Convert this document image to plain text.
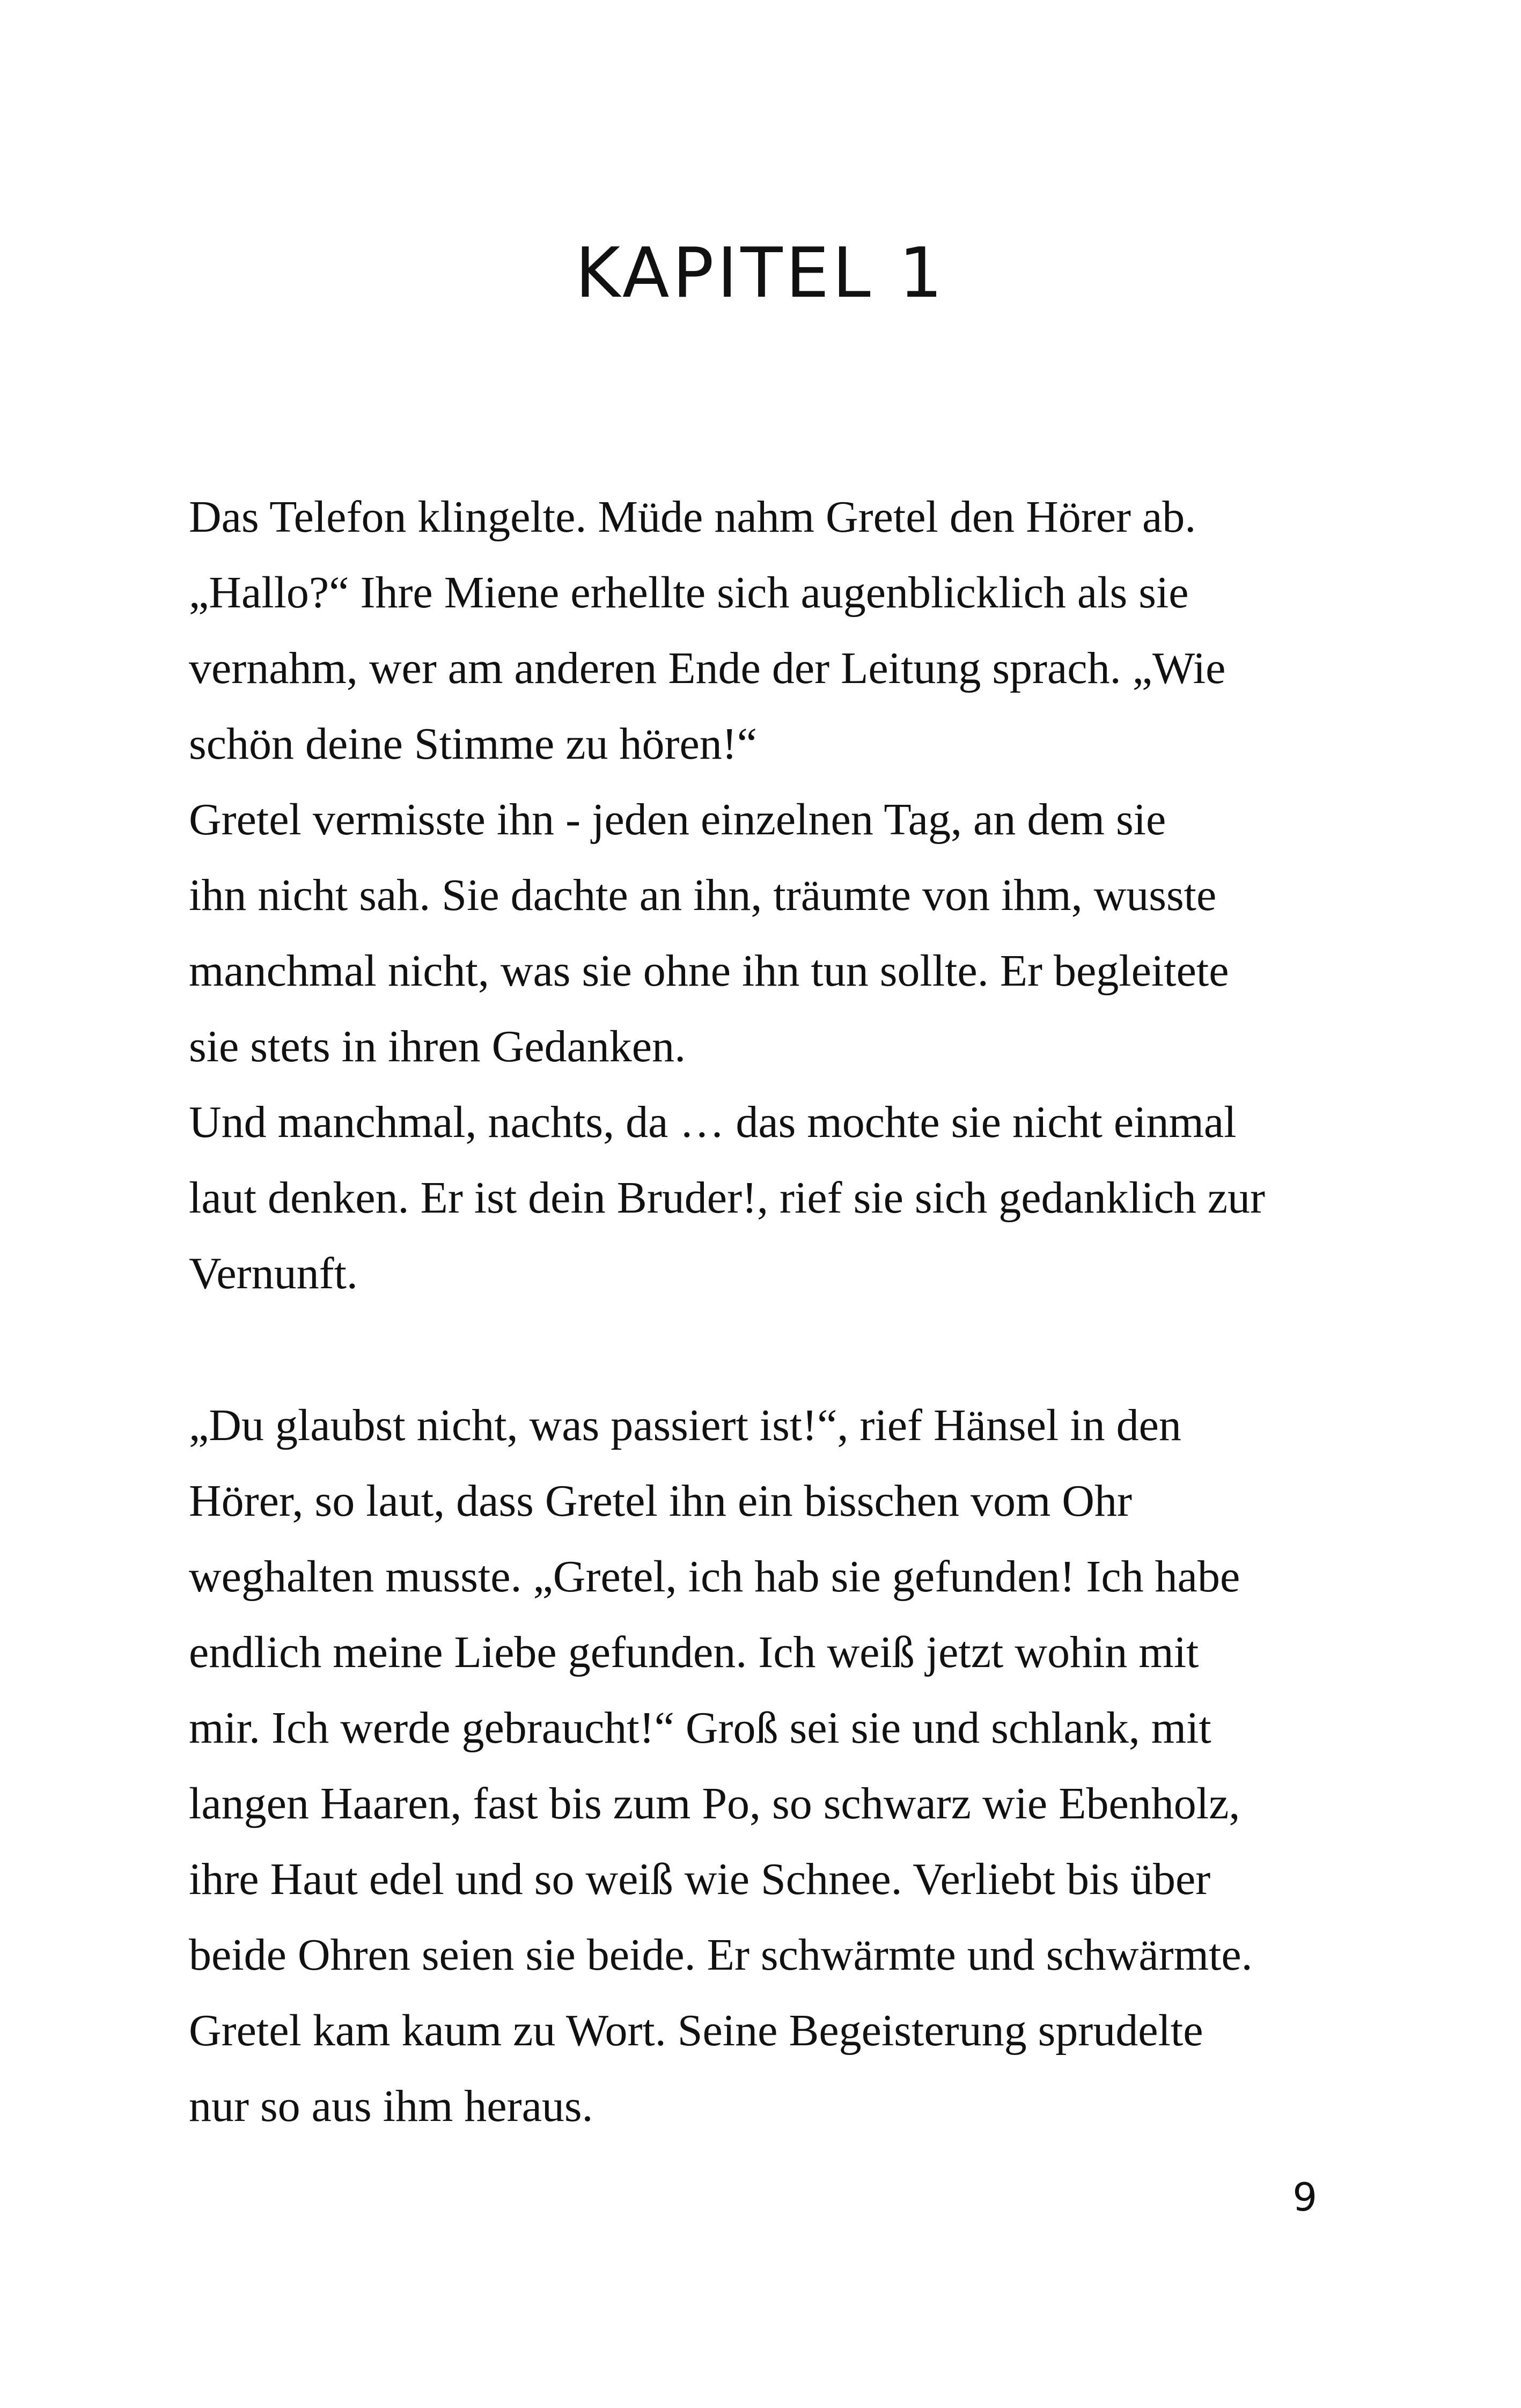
KAPITEL 1
Das Telefon klingelte. Müde nahm Gretel den Hörer ab.
„Hallo?“ Ihre Miene erhellte sich augenblicklich als sie
vernahm, wer am anderen Ende der Leitung sprach. „Wie
schön deine Stimme zu hören!“
Gretel vermisste ihn - jeden einzelnen Tag, an dem sie
ihn nicht sah. Sie dachte an ihn, träumte von ihm, wusste
manchmal nicht, was sie ohne ihn tun sollte. Er begleitete
sie stets in ihren Gedanken.
Und manchmal, nachts, da … das mochte sie nicht einmal
laut denken. Er ist dein Bruder!, rief sie sich gedanklich zur
Vernunft.
„Du glaubst nicht, was passiert ist!“, rief Hänsel in den
Hörer, so laut, dass Gretel ihn ein bisschen vom Ohr
weghalten musste. „Gretel, ich hab sie gefunden! Ich habe
endlich meine Liebe gefunden. Ich weiß jetzt wohin mit
mir. Ich werde gebraucht!“ Groß sei sie und schlank, mit
langen Haaren, fast bis zum Po, so schwarz wie Ebenholz,
ihre Haut edel und so weiß wie Schnee. Verliebt bis über
beide Ohren seien sie beide. Er schwärmte und schwärmte.
Gretel kam kaum zu Wort. Seine Begeisterung sprudelte
nur so aus ihm heraus.
9
